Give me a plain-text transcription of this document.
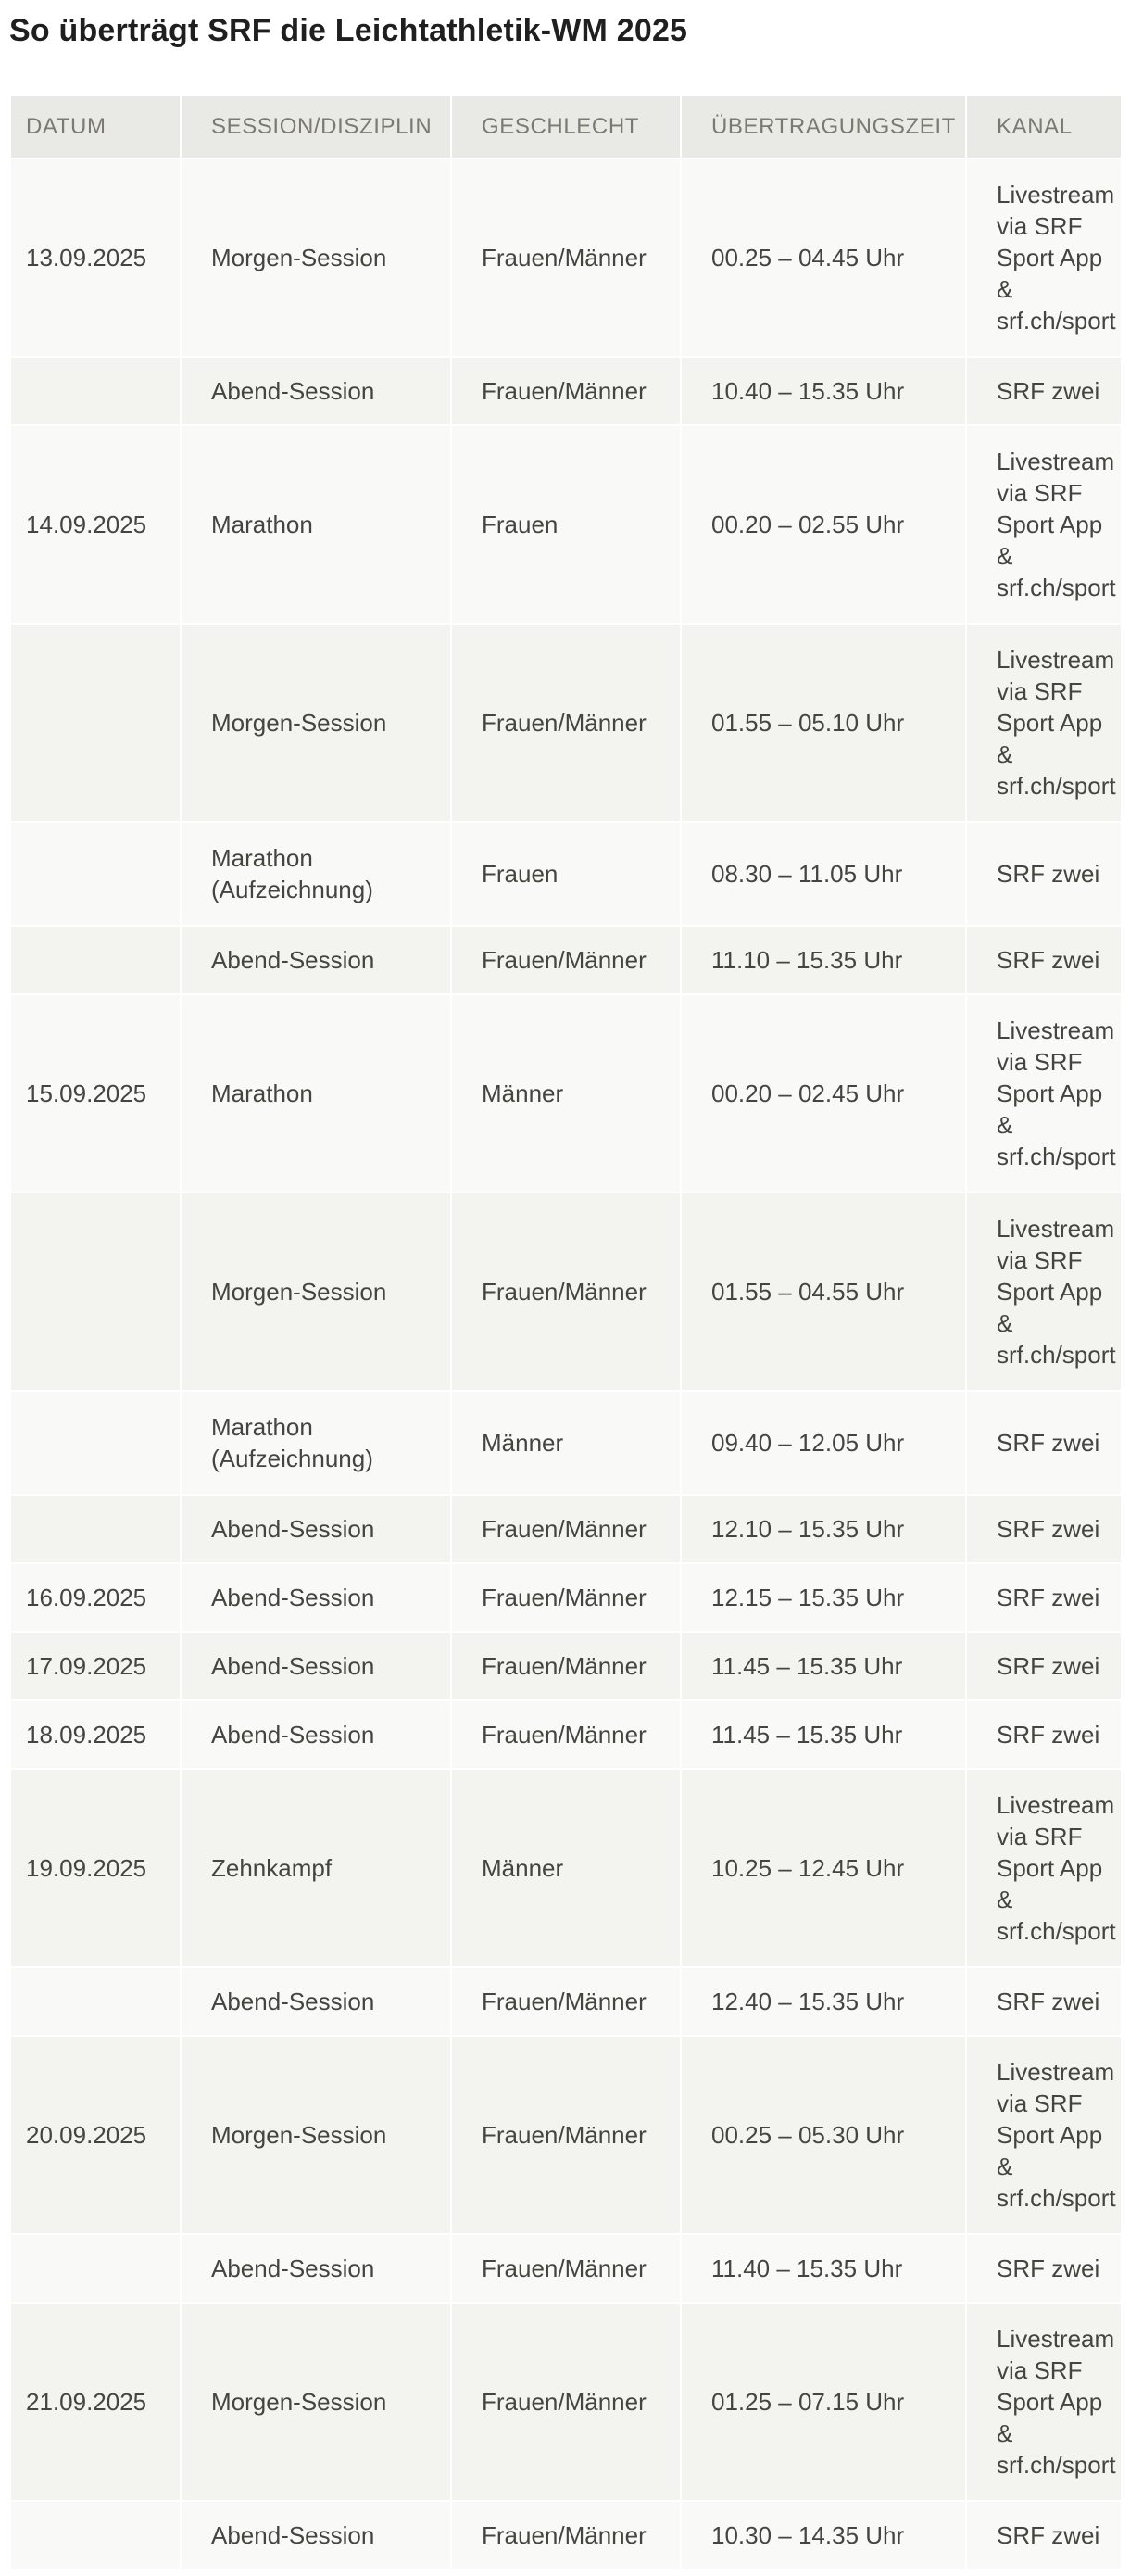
So überträgt SRF die Leichtathletik-WM 2025
DATUM	SESSION/DISZIPLIN	GESCHLECHT	ÜBERTRAGUNGSZEIT	KANAL
13.09.2025	Morgen-Session	Frauen/Männer	00.25 – 04.45 Uhr	Livestream via SRF Sport App & srf.ch/sport
	Abend-Session	Frauen/Männer	10.40 – 15.35 Uhr	SRF zwei
14.09.2025	Marathon	Frauen	00.20 – 02.55 Uhr	Livestream via SRF Sport App & srf.ch/sport
	Morgen-Session	Frauen/Männer	01.55 – 05.10 Uhr	Livestream via SRF Sport App & srf.ch/sport
	Marathon (Aufzeichnung)	Frauen	08.30 – 11.05 Uhr	SRF zwei
	Abend-Session	Frauen/Männer	11.10 – 15.35 Uhr	SRF zwei
15.09.2025	Marathon	Männer	00.20 – 02.45 Uhr	Livestream via SRF Sport App & srf.ch/sport
	Morgen-Session	Frauen/Männer	01.55 – 04.55 Uhr	Livestream via SRF Sport App & srf.ch/sport
	Marathon (Aufzeichnung)	Männer	09.40 – 12.05 Uhr	SRF zwei
	Abend-Session	Frauen/Männer	12.10 – 15.35 Uhr	SRF zwei
16.09.2025	Abend-Session	Frauen/Männer	12.15 – 15.35 Uhr	SRF zwei
17.09.2025	Abend-Session	Frauen/Männer	11.45 – 15.35 Uhr	SRF zwei
18.09.2025	Abend-Session	Frauen/Männer	11.45 – 15.35 Uhr	SRF zwei
19.09.2025	Zehnkampf	Männer	10.25 – 12.45 Uhr	Livestream via SRF Sport App & srf.ch/sport
	Abend-Session	Frauen/Männer	12.40 – 15.35 Uhr	SRF zwei
20.09.2025	Morgen-Session	Frauen/Männer	00.25 – 05.30 Uhr	Livestream via SRF Sport App & srf.ch/sport
	Abend-Session	Frauen/Männer	11.40 – 15.35 Uhr	SRF zwei
21.09.2025	Morgen-Session	Frauen/Männer	01.25 – 07.15 Uhr	Livestream via SRF Sport App & srf.ch/sport
	Abend-Session	Frauen/Männer	10.30 – 14.35 Uhr	SRF zwei
